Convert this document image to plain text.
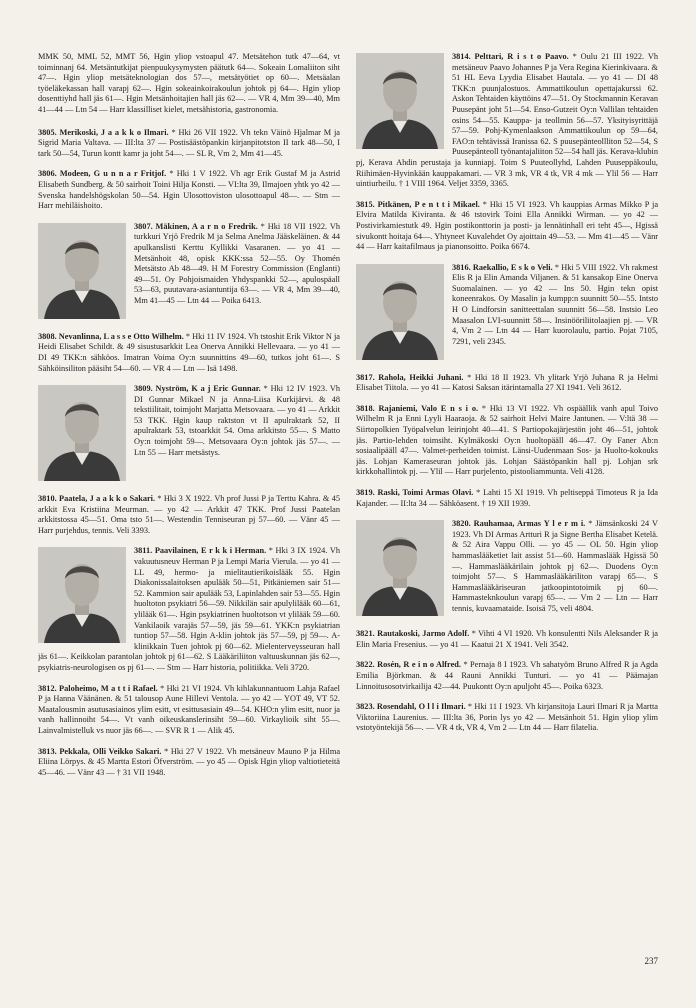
MMK 50, MML 52, MMT 56, Hgin yliop vstoapul 47. Metsätehon tutk 47—64, vt toiminnanj 64. Metsäntutkijat pienpuukysymysten päätutk 64—. Sokeain Lomaliiton siht 47—. Hgin yliop metsäteknologian dos 57—, metsätyötiet op 60—. Metsäalan työeläkekassan hall varapj 62—. Hgin sokeainkoirakoulun johtok pj 64—. Hgin yliop dosenttiyhd hall jäs 61—. Hgin Metsänhoitajien hall jäs 62—. — VR 4, Mm 39—40, Mm 41—44 — Ltn 54 — Harr klassilliset kielet, metsähistoria, gastronomia.

3805. Merikoski, J a a k k o Ilmari. * Hki 26 VII 1922. Vh tekn Väinö Hjalmar M ja Sigrid Maria Valtava. — III:lta 37 — Postisäästöpankin kirjanpitotston II tark 48—50, I tark 50—54, Turun kontt kamr ja joht 54—. — SL R, Vm 2, Mm 41—45.

3806. Modeen, G u n n a r Fritjof. * Hki 1 V 1922. Vh agr Erik Gustaf M ja Astrid Elisabeth Sundberg. & 50 sairhoit Toini Hilja Konsti. — VI:lta 39, Ilmajoen yhtk yo 42 — Svenska handelshögskolan 50—54. Hgin Ulosottoviston ulosottoapul 48—. — Stm — Harr mehiläishoito.

3807. Mäkinen, A a r n o Fredrik. * Hki 18 VII 1922. Vh turkkuri Yrjö Fredrik M ja Selma Anelma Jääskeläinen. & 44 apulkanslisti Kerttu Kyllikki Vasaranen. — yo 41 — Metsänhoit 48, opisk KKK:ssa 52—55. Oy Thomén Metsätsto Ab 48—49. H M Forestry Commission (Englanti) 49—51. Oy Pohjoismaiden Yhdyspankki 52—, apulospäall 53—63, puutavara-asiantuntija 63—. — VR 4, Mm 39—40, Mm 41—45 — Ltn 44 — Poika 6413.

3808. Nevanlinna, L a s s e Otto Wilhelm. * Hki 11 IV 1924. Vh tstoshit Erik Viktor N ja Heidi Elisabet Schildt. & 49 sisustusarkkit Lea Onerva Annikki Hellevaara. — yo 41 — DI 49 TKK:n sähköos. Imatran Voima Oy:n suunnittins 49—60, tutkos joht 61—. S Sähköinsiliton pääsiht 54—60. — VR 4 — Ltn — Isä 1498.

3809. Nyström, K a j Eric Gunnar. * Hki 12 IV 1923. Vh DI Gunnar Mikael N ja Anna-Liisa Kurkijärvi. & 48 tekstiilitait, toimjoht Marjatta Metsovaara. — yo 41 — Arkkit 53 TKK. Hgin kaup raktston vt II apulraktark 52, II apulraktark 53, tstoarkkit 54. Oma arkkitsto 55—. S Matto Oy:n toimjoht 59—. Metsovaara Oy:n johtok jäs 57—. — Ltn 55 — Harr metsästys.

3810. Paatela, J a a k k o Sakari. * Hki 3 X 1922. Vh prof Jussi P ja Terttu Kahra. & 45 arkkit Eva Kristiina Meurman. — yo 42 — Arkkit 47 TKK. Prof Jussi Paatelan arkkitstossa 45—51. Oma tsto 51—. Westendin Tenniseuran pj 57—60. — Vänr 45 — Harr purjehdus, tennis. Veli 3393.

3811. Paavilainen, E r k k i Herman. * Hki 3 IX 1924. Vh vakuutusneuv Herman P ja Lempi Maria Vierula. — yo 41 — LL 49, hermo- ja mielitautierikoislääk 55. Hgin Diakonissalaitoksen apulääk 50—51, Pitkäniemen sair 51—52. Kammion sair apulääk 53, Lapinlahden sair 53—55. Hgin huoltoton psykiatri 56—59. Nikkilän sair apulylilääk 60—61, ylilääk 61—. Hgin psykiatrinen huoltotson vt ylilääk 59—60. Vankilaoik varajäs 57—59, jäs 59—61. YKK:n psykiatrian tuntiop 57—58. Hgin A-klin johtok jäs 57—59, pj 59—. A-klinikkain Tuen johtok pj 60—62. Mielenterveysseuran hall jäs 61—. Keikkolan parantolan johtok pj 61—62. S Lääkäriliiton valtuuskunnan jäs 62—, psykiatris-neurologisen os pj 61—. — Stm — Harr historia, politiikka. Veli 3720.

3812. Paloheimo, M a t t i Rafael. * Hki 21 VI 1924. Vh kihlakunnantuom Lahja Rafael P ja Hanna Väänänen. & 51 talousop Aune Hillevi Ventola. — yo 42 — YOT 49, VT 52. Maatalousmin asutusasiainos ylim esitt, vt esittusasiain 49—54. KHO:n ylim esitt, nuor ja vanh hallinnoiht 54—. Vt vanh oikeuskanslerinsiht 59—60. Virkaylioik siht 55—. Lainvalmistelluk vs nuor jäs 66—. — SVR R 1 — Alik 45.

3813. Pekkala, Olli Veikko Sakari. * Hki 27 V 1922. Vh metsäneuv Mauno P ja Hilma Eliina Lörpys. & 45 Martta Estori Öfverström. — yo 45 — Opisk Hgin yliop valtiotieteitä 45—46. — Vänr 43 — † 31 VII 1948.

3814. Pelttari, R i s t o Paavo. * Oulu 21 III 1922. Vh metsäneuv Paavo Johannes P ja Vera Regina Kierinkivaara. & 51 HL Eeva Lyydia Elisabet Hautala. — yo 41 — DI 48 TKK:n puunjalostuos. Ammattikoulun opettajakurssi 62. Askon Tehtaiden käyttöins 47—51. Oy Stockmannin Keravan Puusepänt joht 51—54. Enso-Gutzeit Oy:n Vallilan tehtaiden osins 54—55. Kauppa- ja teollmin 56—57. Yksityisyrittäjä 57—59. Pohj-Kymenlaakson Ammattikoulun op 59—64, FAO:n tehtävissä Iranissa 62. S puusepänteollliton 52—54, S Puusepänteoll työnantajaliiton 52—54 hall jäs. Kerava-klubin pj, Kerava Ahdin perustaja ja kunniapj. Toim S Puuteollyhd, Lahden Puuseppäkoulu, Riihimäen-Hyvinkään kauppakamari. — VR 3 mk, VR 4 tk, VR 4 mk — Ylil 56 — Harr uintiurheilu. † 1 VIII 1964. Veljet 3359, 3365.

3815. Pitkänen, P e n t t i Mikael. * Hki 15 VI 1923. Vh kauppias Armas Mikko P ja Elvira Matilda Kiviranta. & 46 tstovirk Toini Ella Annikki Wirman. — yo 42 — Postivirkamiestutk 49. Hgin postikonttorin ja posti- ja lennätinhall eri teht 45—, Hgissä sivukontt hoitaja 64—. Yhtyneet Kuvalehdet Oy ajoittain 49—53. — Mm 41—45 — Vänr 44 — Harr kaitafilmaus ja pianonsoitto. Poika 6674.

3816. Raekallio, E s k o Veli. * Hki 5 VIII 1922. Vh rakmest Elis R ja Elin Amanda Viljanen. & 51 kansakop Eine Onerva Suomalainen. — yo 42 — Ins 50. Hgin tekn opist koneenrakos. Oy Masalin ja kumpp:n suunnitt 50—55. Intsto H O Lindforsin sanitteettalan suunnitt 56—58. Instsio Leo Maasalon LVI-suunnitt 58—. Insinööriliitolaajien pj. — VR 4, Vm 2 — Ltn 44 — Harr kuorolaulu, partio. Pojat 7105, 7291, veli 2345.

3817. Rahola, Heikki Juhani. * Hki 18 II 1923. Vh ylitark Yrjö Juhana R ja Helmi Elisabet Tiitola. — yo 41 — Katosi Saksan itärintamalla 27 XI 1941. Veli 3612.

3818. Rajaniemi, Valo E n s i o. * Hki 13 VI 1922. Vh ospäällik vanh apul Toivo Wilhelm R ja Enni Lyyli Haaraoja. & 52 sairhoit Helvi Maire Jantunen. — V:ltä 38 — Siirtopolkien Työpalvelun leirinjoht 40—41. S Partiopokajärjestön joht 46—51, johtok jäs. Partio-lehden toimsiht. Kylmäkoski Oy:n huoltopääll 46—47. Oy Faner Ab:n sosiaalipääll 47—. Valmet-perheiden toimist. Länsi-Uudenmaan Sos- ja Huolto-kokouks jäs. Lohjan Kameraseuran johtok jäs. Lohjan Säästöpankin hall pj. Lohjan srk kirkkohallintok pj. — Ylil — Harr purjelento, pistooliammunta. Veli 4128.

3819. Raski, Toimi Armas Olavi. * Lahti 15 XI 1919. Vh peltiseppä Timoteus R ja Ida Kajander. — II:lta 34 — Sähköasent. † 19 XII 1939.

3820. Rauhamaa, Armas Y l e r m i. * Jämsänkoski 24 V 1923. Vh DI Armas Artturi R ja Signe Bertha Elisabet Ketelä. & 52 Aira Vappu Olli. — yo 45 — OL 50. Hgin yliop hammaslääketiet lait assist 51—60. Hammaslääk Hgissä 50—. Hammaslääkärilain johtok pj 62—. Duodens Oy:n toimjoht 57—. S Hammaslääkäriliton varapj 65—. S Hammaslääkäriseuran jatkoopintotoimik pj 60—. Hammasteknkoulun varapj 65—. — Vm 2 — Ltn — Harr tennis, kuvaamataide. Isoisä 75, veli 4804.

3821. Rautakoski, Jarmo Adolf. * Vihti 4 VI 1920. Vh konsulentti Nils Aleksander R ja Elin Maria Fresenius. — yo 41 — Kaatui 21 X 1941. Veli 3542.

3822. Rosén, R e i n o Alfred. * Pernaja 8 I 1923. Vh sahatyöm Bruno Alfred R ja Agda Emilia Björkman. & 44 Rauni Annikki Tunturi. — yo 41 — Päämajan Linnoitusosotvirkailija 42—44. Puukontt Oy:n apuljoht 45—. Poika 6323.

3823. Rosendahl, O l l i Ilmari. * Hki 11 I 1923. Vh kirjansitoja Lauri Ilmari R ja Martta Viktoriina Laurenius. — III:lta 36, Porin lys yo 42 — Metsänhoit 51. Hgin yliop ylim vstotyöntekijä 56—. — VR 4 tk, VR 4, Vm 2 — Ltn 44 — Harr filatelia.

237
